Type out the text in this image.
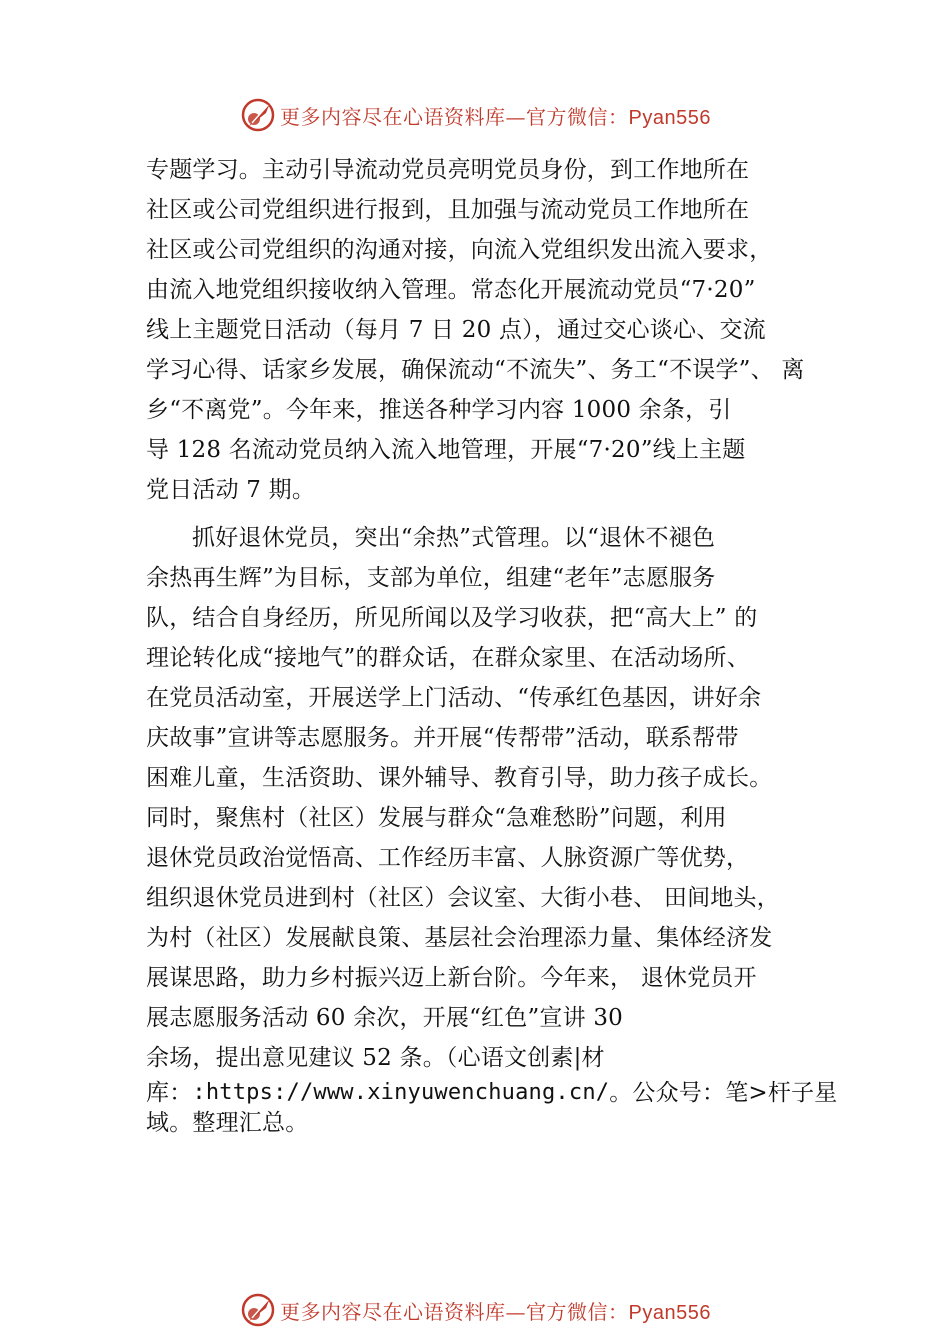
更多内容尽在心语资料库—官方微信：Pyan556
专题学习。主动引导流动党员亮明党员身份，到工作地所在
社区或公司党组织进行报到，且加强与流动党员工作地所在
社区或公司党组织的沟通对接，向流入党组织发出流入要求，
由流入地党组织接收纳入管理。常态化开展流动党员“7·20”
线上主题党日活动（每月 7 日 20 点），通过交心谈心、交流
学习心得、话家乡发展，确保流动“不流失”、务工“不误学”、 离
乡“不离党”。今年来，推送各种学习内容 1000 余条，引
导 128 名流动党员纳入流入地管理，开展“7·20”线上主题
党日活动 7 期。
抓好退休党员，突出“余热”式管理。以“退休不褪色
余热再生辉”为目标，支部为单位，组建“老年”志愿服务
队，结合自身经历，所见所闻以及学习收获，把“高大上” 的
理论转化成“接地气”的群众话，在群众家里、在活动场所、
在党员活动室，开展送学上门活动、“传承红色基因，讲好余
庆故事”宣讲等志愿服务。并开展“传帮带”活动，联系帮带
困难儿童，生活资助、课外辅导、教育引导，助力孩子成长。
同时，聚焦村（社区）发展与群众“急难愁盼”问题，利用
退休党员政治觉悟高、工作经历丰富、人脉资源广等优势，
组织退休党员进到村（社区）会议室、大街小巷、 田间地头，
为村（社区）发展献良策、基层社会治理添力量、集体经济发
展谋思路，助力乡村振兴迈上新台阶。今年来， 退休党员开
展志愿服务活动 60 余次，开展“红色”宣讲 30
余场，提出意见建议 52 条。（心语文创素|材
库： :https://www.xinyuwenchuang.cn/ 。公众号：笔>杆子星
域。整理汇总。
更多内容尽在心语资料库—官方微信：Pyan556
